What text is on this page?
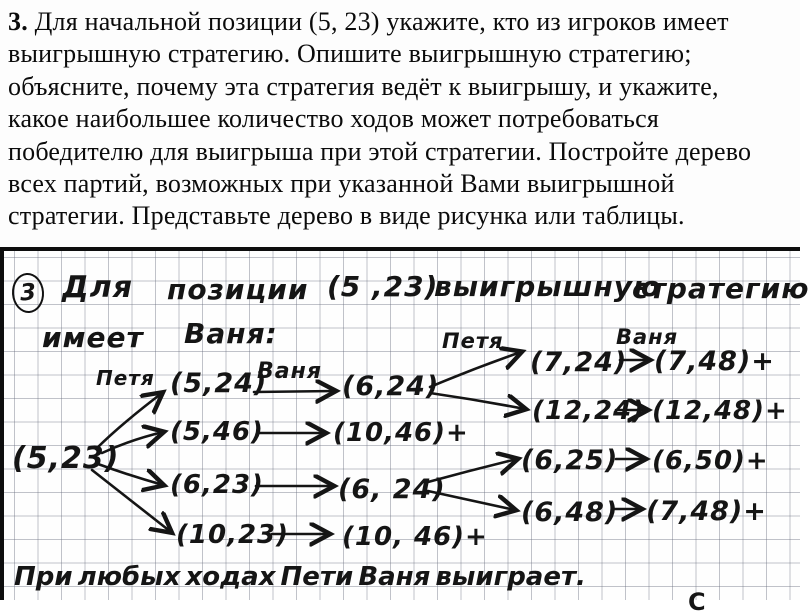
3. Для начальной позиции (5, 23) укажите, кто из игроков имеет
выигрышную стратегию. Опишите выигрышную стратегию;
объясните, почему эта стратегия ведёт к выигрышу, и укажите,
какое наибольшее количество ходов может потребоваться
победителю для выигрыша при этой стратегии. Постройте дерево
всех партий, возможных при указанной Вами выигрышной
стратегии. Представьте дерево в виде рисунка или таблицы.
3 Для позиции (5 ,23)
выигрышную
стратегию
имеет Ваня:
Петя	Ваня
Петя	Ваня
(5,23)
(5,24)
(5,46)
(6,23)
(10,23)
(6,24)
(10,46)+
(6, 24)
(10, 46)+
(7,24)
(12,24)
(6,25)
(6,48)
(7,48)+
(12,48)+
(6,50)+
(7,48)+
При любых ходах Пети Ваня выиграет.
С
